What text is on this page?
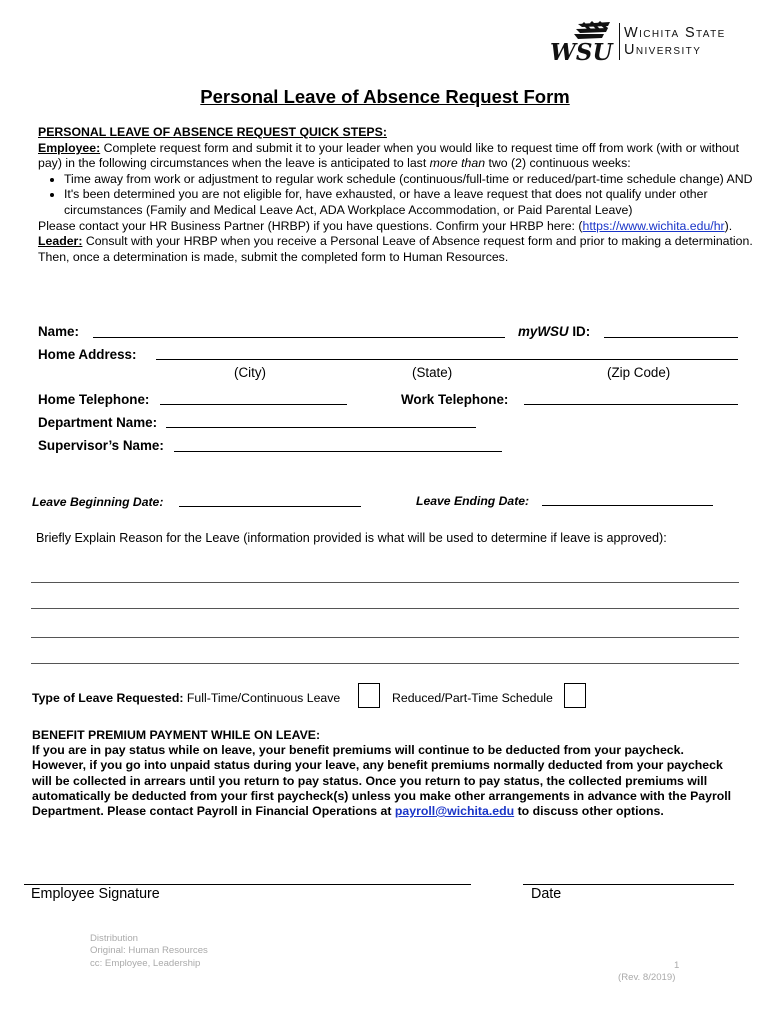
WSU
Wichita State
University
Personal Leave of Absence Request Form
PERSONAL LEAVE OF ABSENCE REQUEST QUICK STEPS:
Employee: Complete request form and submit it to your leader when you would like to request time off from work (with or without pay) in the following circumstances when the leave is anticipated to last more than two (2) continuous weeks:
• Time away from work or adjustment to regular work schedule (continuous/full-time or reduced/part-time schedule change) AND
• It's been determined you are not eligible for, have exhausted, or have a leave request that does not qualify under other circumstances (Family and Medical Leave Act, ADA Workplace Accommodation, or Paid Parental Leave)
Please contact your HR Business Partner (HRBP) if you have questions. Confirm your HRBP here: (https://www.wichita.edu/hr).
Leader: Consult with your HRBP when you receive a Personal Leave of Absence request form and prior to making a determination. Then, once a determination is made, submit the completed form to Human Resources.
Name:	myWSU ID:
Home Address:
(City)	(State)	(Zip Code)
Home Telephone:	Work Telephone:
Department Name:
Supervisor’s Name:
Leave Beginning Date:	Leave Ending Date:
Briefly Explain Reason for the Leave (information provided is what will be used to determine if leave is approved):
Type of Leave Requested: Full-Time/Continuous Leave	Reduced/Part-Time Schedule
BENEFIT PREMIUM PAYMENT WHILE ON LEAVE:
If you are in pay status while on leave, your benefit premiums will continue to be deducted from your paycheck. However, if you go into unpaid status during your leave, any benefit premiums normally deducted from your paycheck will be collected in arrears until you return to pay status. Once you return to pay status, the collected premiums will automatically be deducted from your first paycheck(s) unless you make other arrangements in advance with the Payroll Department. Please contact Payroll in Financial Operations at payroll@wichita.edu to discuss other options.
Employee Signature	Date
Distribution
Original: Human Resources
cc: Employee, Leadership	1
(Rev. 8/2019)
